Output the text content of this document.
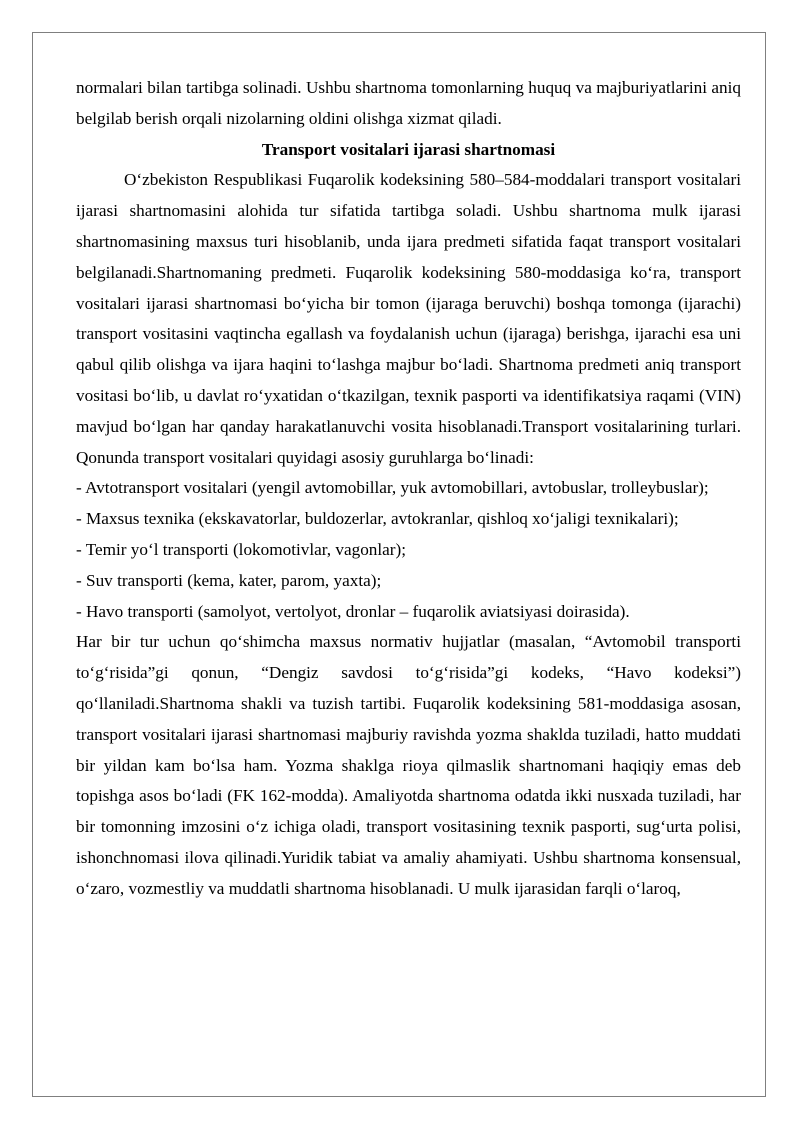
normalari bilan tartibga solinadi. Ushbu shartnoma tomonlarning huquq va majburiyatlarini aniq belgilab berish orqali nizolarning oldini olishga xizmat qiladi.

Transport vositalari ijarasi shartnomasi

O‘zbekiston Respublikasi Fuqarolik kodeksining 580–584-moddalari transport vositalari ijarasi shartnomasini alohida tur sifatida tartibga soladi. Ushbu shartnoma mulk ijarasi shartnomasining maxsus turi hisoblanib, unda ijara predmeti sifatida faqat transport vositalari belgilanadi.Shartnomaning predmeti. Fuqarolik kodeksining 580-moddasiga ko‘ra, transport vositalari ijarasi shartnomasi bo‘yicha bir tomon (ijaraga beruvchi) boshqa tomonga (ijarachi) transport vositasini vaqtincha egallash va foydalanish uchun (ijaraga) berishga, ijarachi esa uni qabul qilib olishga va ijara haqini to‘lashga majbur bo‘ladi. Shartnoma predmeti aniq transport vositasi bo‘lib, u davlat ro‘yxatidan o‘tkazilgan, texnik pasporti va identifikatsiya raqami (VIN) mavjud bo‘lgan har qanday harakatlanuvchi vosita hisoblanadi.Transport vositalarining turlari. Qonunda transport vositalari quyidagi asosiy guruhlarga bo‘linadi:

- Avtotransport vositalari (yengil avtomobillar, yuk avtomobillari, avtobuslar, trolleybuslar);

- Maxsus texnika (ekskavatorlar, buldozerlar, avtokranlar, qishloq xo‘jaligi texnikalari);

- Temir yo‘l transporti (lokomotivlar, vagonlar);

- Suv transporti (kema, kater, parom, yaxta);

- Havo transporti (samolyot, vertolyot, dronlar – fuqarolik aviatsiyasi doirasida).

Har bir tur uchun qo‘shimcha maxsus normativ hujjatlar (masalan, “Avtomobil transporti to‘g‘risida”gi qonun, “Dengiz savdosi to‘g‘risida”gi kodeks, “Havo kodeksi”) qo‘llaniladi.Shartnoma shakli va tuzish tartibi. Fuqarolik kodeksining 581-moddasiga asosan, transport vositalari ijarasi shartnomasi majburiy ravishda yozma shaklda tuziladi, hatto muddati bir yildan kam bo‘lsa ham. Yozma shaklga rioya qilmaslik shartnomani haqiqiy emas deb topishga asos bo‘ladi (FK 162-modda). Amaliyotda shartnoma odatda ikki nusxada tuziladi, har bir tomonning imzosini o‘z ichiga oladi, transport vositasining texnik pasporti, sug‘urta polisi, ishonchnomasi ilova qilinadi.Yuridik tabiat va amaliy ahamiyati. Ushbu shartnoma konsensual, o‘zaro, vozmestliy va muddatli shartnoma hisoblanadi. U mulk ijarasidan farqli o‘laroq,
